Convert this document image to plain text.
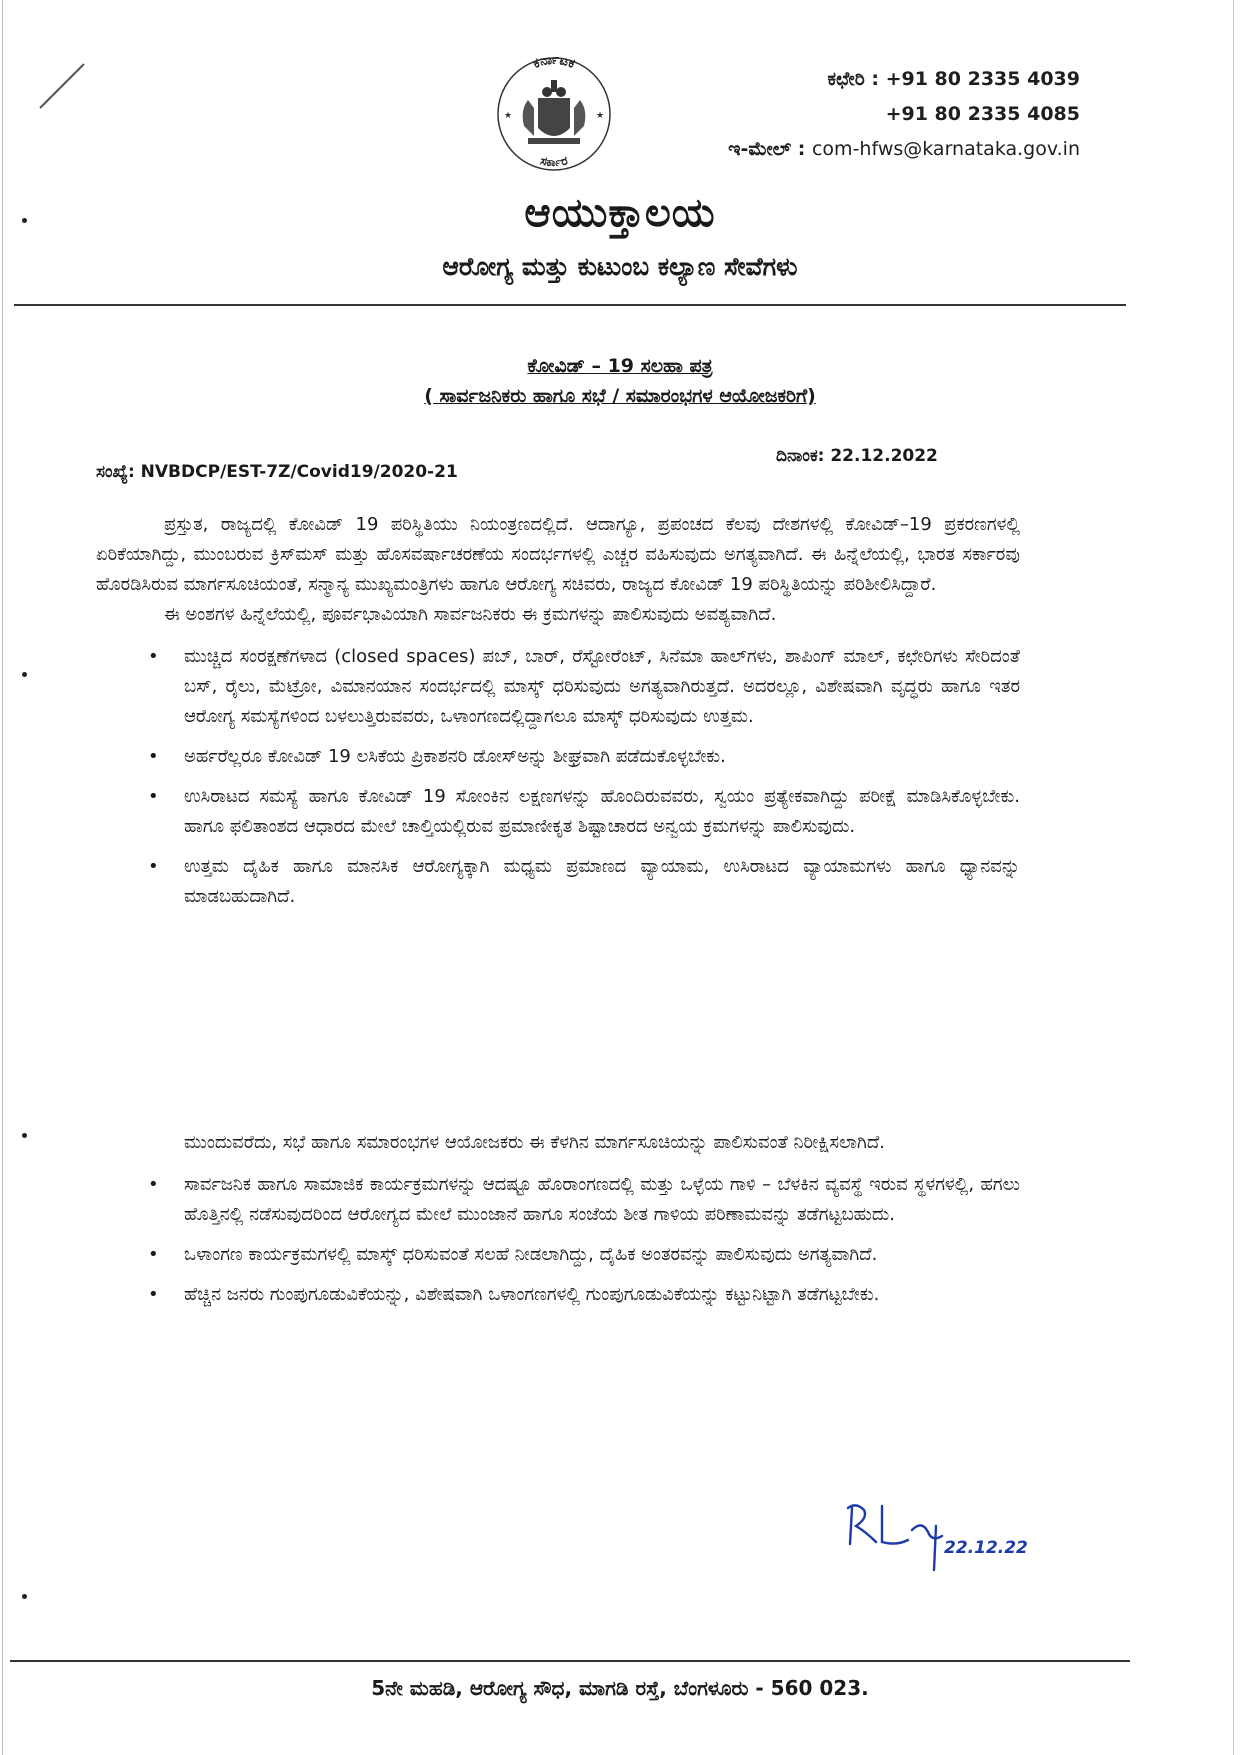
ಕರ್ನಾಟಕ
ಸರ್ಕಾರ
★	★
ಕಛೇರಿ : +91 80 2335 4039
+91 80 2335 4085
ಇ-ಮೇಲ್ : com-hfws@karnataka.gov.in
ಆಯುಕ್ತಾಲಯ
ಆರೋಗ್ಯ ಮತ್ತು ಕುಟುಂಬ ಕಲ್ಯಾಣ ಸೇವೆಗಳು
ಕೋವಿಡ್ – 19 ಸಲಹಾ ಪತ್ರ
( ಸಾರ್ವಜನಿಕರು ಹಾಗೂ ಸಭೆ / ಸಮಾರಂಭಗಳ ಆಯೋಜಕರಿಗೆ)
ಸಂಖ್ಯೆ: NVBDCP/EST-7Z/Covid19/2020-21
ದಿನಾಂಕ: 22.12.2022

ಪ್ರಸ್ತುತ, ರಾಜ್ಯದಲ್ಲಿ ಕೋವಿಡ್ 19 ಪರಿಸ್ಥಿತಿಯು ನಿಯಂತ್ರಣದಲ್ಲಿದೆ. ಆದಾಗ್ಯೂ, ಪ್ರಪಂಚದ ಕೆಲವು ದೇಶಗಳಲ್ಲಿ ಕೋವಿಡ್–19 ಪ್ರಕರಣಗಳಲ್ಲಿ ಏರಿಕೆಯಾಗಿದ್ದು, ಮುಂಬರುವ ಕ್ರಿಸ್‌ಮಸ್ ಮತ್ತು ಹೊಸವರ್ಷಾಚರಣೆಯ ಸಂದರ್ಭಗಳಲ್ಲಿ ಎಚ್ಚರ ವಹಿಸುವುದು ಅಗತ್ಯವಾಗಿದೆ. ಈ ಹಿನ್ನೆಲೆಯಲ್ಲಿ, ಭಾರತ ಸರ್ಕಾರವು ಹೊರಡಿಸಿರುವ ಮಾರ್ಗಸೂಚಿಯಂತೆ, ಸನ್ಮಾನ್ಯ ಮುಖ್ಯಮಂತ್ರಿಗಳು ಹಾಗೂ ಆರೋಗ್ಯ ಸಚಿವರು, ರಾಜ್ಯದ ಕೋವಿಡ್ 19 ಪರಿಸ್ಥಿತಿಯನ್ನು ಪರಿಶೀಲಿಸಿದ್ದಾರೆ.

ಈ ಅಂಶಗಳ ಹಿನ್ನೆಲೆಯಲ್ಲಿ, ಪೂರ್ವಭಾವಿಯಾಗಿ ಸಾರ್ವಜನಿಕರು ಈ ಕ್ರಮಗಳನ್ನು ಪಾಲಿಸುವುದು ಅವಶ್ಯವಾಗಿದೆ.

• ಮುಚ್ಚಿದ ಸಂರಕ್ಷಣೆಗಳಾದ (closed spaces) ಪಬ್, ಬಾರ್, ರೆಸ್ಟೋರೆಂಟ್, ಸಿನೆಮಾ ಹಾಲ್‌ಗಳು, ಶಾಪಿಂಗ್ ಮಾಲ್, ಕಛೇರಿಗಳು ಸೇರಿದಂತೆ ಬಸ್, ರೈಲು, ಮೆಟ್ರೋ, ವಿಮಾನಯಾನ ಸಂದರ್ಭದಲ್ಲಿ ಮಾಸ್ಕ್ ಧರಿಸುವುದು ಅಗತ್ಯವಾಗಿರುತ್ತದೆ. ಅದರಲ್ಲೂ, ವಿಶೇಷವಾಗಿ ವೃದ್ಧರು ಹಾಗೂ ಇತರ ಆರೋಗ್ಯ ಸಮಸ್ಯೆಗಳಿಂದ ಬಳಲುತ್ತಿರುವವರು, ಒಳಾಂಗಣದಲ್ಲಿದ್ದಾಗಲೂ ಮಾಸ್ಕ್ ಧರಿಸುವುದು ಉತ್ತಮ.
• ಅರ್ಹರೆಲ್ಲರೂ ಕೋವಿಡ್ 19 ಲಸಿಕೆಯ ಪ್ರಿಕಾಶನರಿ ಡೋಸ್‌ಅನ್ನು ಶೀಘ್ರವಾಗಿ ಪಡೆದುಕೊಳ್ಳಬೇಕು.
• ಉಸಿರಾಟದ ಸಮಸ್ಯೆ ಹಾಗೂ ಕೋವಿಡ್ 19 ಸೋಂಕಿನ ಲಕ್ಷಣಗಳನ್ನು ಹೊಂದಿರುವವರು, ಸ್ವಯಂ ಪ್ರತ್ಯೇಕವಾಗಿದ್ದು ಪರೀಕ್ಷೆ ಮಾಡಿಸಿಕೊಳ್ಳಬೇಕು. ಹಾಗೂ ಫಲಿತಾಂಶದ ಆಧಾರದ ಮೇಲೆ ಚಾಲ್ತಿಯಲ್ಲಿರುವ ಪ್ರಮಾಣೀಕೃತ ಶಿಷ್ಟಾಚಾರದ ಅನ್ವಯ ಕ್ರಮಗಳನ್ನು ಪಾಲಿಸುವುದು.
• ಉತ್ತಮ ದೈಹಿಕ ಹಾಗೂ ಮಾನಸಿಕ ಆರೋಗ್ಯಕ್ಕಾಗಿ ಮಧ್ಯಮ ಪ್ರಮಾಣದ ವ್ಯಾಯಾಮ, ಉಸಿರಾಟದ ವ್ಯಾಯಾಮಗಳು ಹಾಗೂ ಧ್ಯಾನವನ್ನು ಮಾಡಬಹುದಾಗಿದೆ.

ಮುಂದುವರೆದು, ಸಭೆ ಹಾಗೂ ಸಮಾರಂಭಗಳ ಆಯೋಜಕರು ಈ ಕೆಳಗಿನ ಮಾರ್ಗಸೂಚಿಯನ್ನು ಪಾಲಿಸುವಂತೆ ನಿರೀಕ್ಷಿಸಲಾಗಿದೆ.

• ಸಾರ್ವಜನಿಕ ಹಾಗೂ ಸಾಮಾಜಿಕ ಕಾರ್ಯಕ್ರಮಗಳನ್ನು ಆದಷ್ಟೂ ಹೊರಾಂಗಣದಲ್ಲಿ ಮತ್ತು ಒಳ್ಳೆಯ ಗಾಳಿ – ಬೆಳಕಿನ ವ್ಯವಸ್ಥೆ ಇರುವ ಸ್ಥಳಗಳಲ್ಲಿ, ಹಗಲು ಹೊತ್ತಿನಲ್ಲಿ ನಡೆಸುವುದರಿಂದ ಆರೋಗ್ಯದ ಮೇಲೆ ಮುಂಜಾನೆ ಹಾಗೂ ಸಂಜೆಯ ಶೀತ ಗಾಳಿಯ ಪರಿಣಾಮವನ್ನು ತಡೆಗಟ್ಟಬಹುದು.
• ಒಳಾಂಗಣ ಕಾರ್ಯಕ್ರಮಗಳಲ್ಲಿ ಮಾಸ್ಕ್ ಧರಿಸುವಂತೆ ಸಲಹೆ ನೀಡಲಾಗಿದ್ದು, ದೈಹಿಕ ಅಂತರವನ್ನು ಪಾಲಿಸುವುದು ಅಗತ್ಯವಾಗಿದೆ.
• ಹೆಚ್ಚಿನ ಜನರು ಗುಂಪುಗೂಡುವಿಕೆಯನ್ನು, ವಿಶೇಷವಾಗಿ ಒಳಾಂಗಣಗಳಲ್ಲಿ ಗುಂಪುಗೂಡುವಿಕೆಯನ್ನು ಕಟ್ಟುನಿಟ್ಟಾಗಿ ತಡೆಗಟ್ಟಬೇಕು.
22.12.22
5ನೇ ಮಹಡಿ, ಆರೋಗ್ಯ ಸೌಧ, ಮಾಗಡಿ ರಸ್ತೆ, ಬೆಂಗಳೂರು - 560 023.
